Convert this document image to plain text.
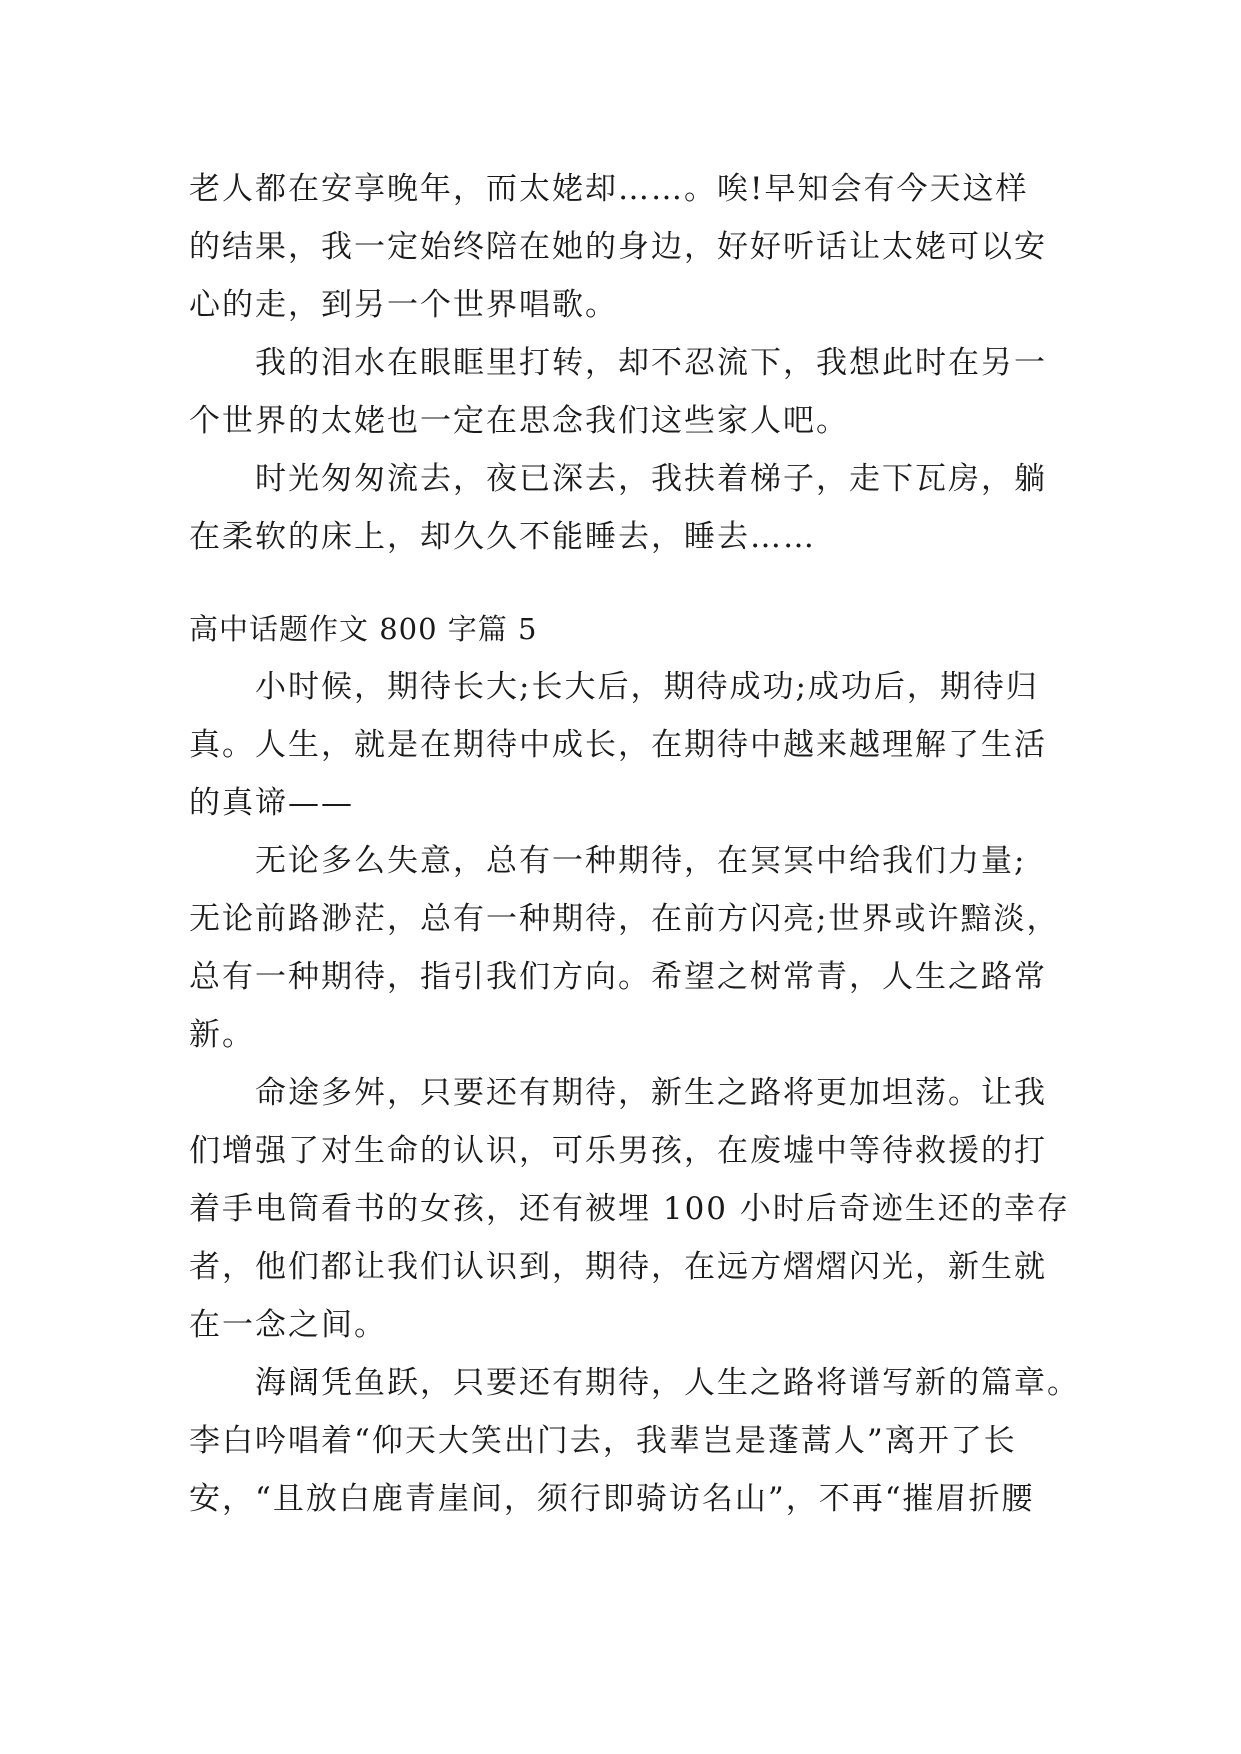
老人都在安享晚年，而太姥却……。唉!早知会有今天这样
的结果，我一定始终陪在她的身边，好好听话让太姥可以安
心的走，到另一个世界唱歌。
我的泪水在眼眶里打转，却不忍流下，我想此时在另一
个世界的太姥也一定在思念我们这些家人吧。
时光匆匆流去，夜已深去，我扶着梯子，走下瓦房，躺
在柔软的床上，却久久不能睡去，睡去……
高中话题作文 800 字篇 5
小时候，期待长大;长大后，期待成功;成功后，期待归
真。人生，就是在期待中成长，在期待中越来越理解了生活
的真谛——
无论多么失意，总有一种期待，在冥冥中给我们力量;
无论前路渺茫，总有一种期待，在前方闪亮;世界或许黯淡，
总有一种期待，指引我们方向。希望之树常青，人生之路常
新。
命途多舛，只要还有期待，新生之路将更加坦荡。让我
们增强了对生命的认识，可乐男孩，在废墟中等待救援的打
着手电筒看书的女孩，还有被埋 100 小时后奇迹生还的幸存
者，他们都让我们认识到，期待，在远方熠熠闪光，新生就
在一念之间。
海阔凭鱼跃，只要还有期待，人生之路将谱写新的篇章。
李白吟唱着“仰天大笑出门去，我辈岂是蓬蒿人”离开了长
安，“且放白鹿青崖间，须行即骑访名山”，不再“摧眉折腰
